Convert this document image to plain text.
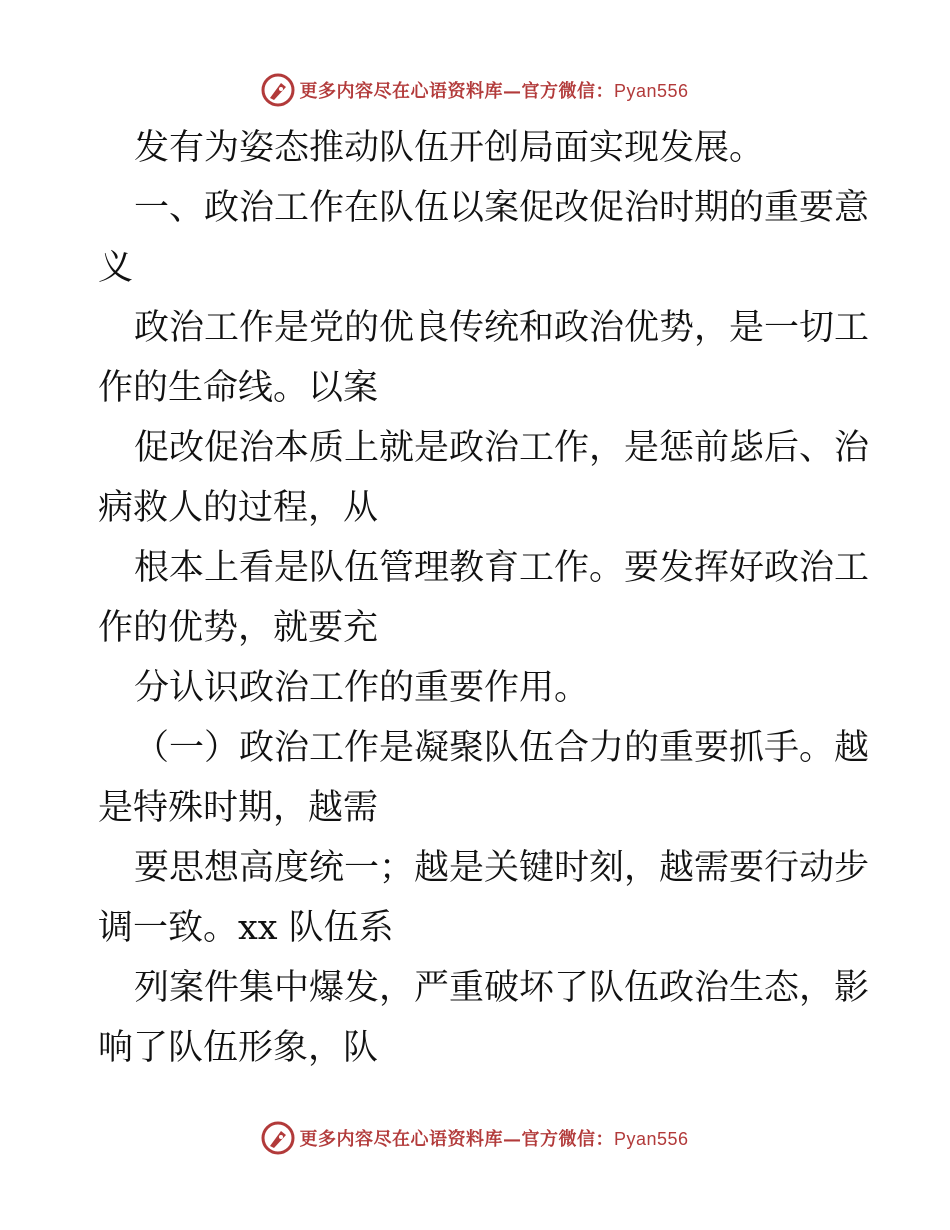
更多内容尽在心语资料库—官方微信：Pyan556
发有为姿态推动队伍开创局面实现发展。
一、政治工作在队伍以案促改促治时期的重要意
义
政治工作是党的优良传统和政治优势，是一切工
作的生命线。以案
促改促治本质上就是政治工作，是惩前毖后、治
病救人的过程，从
根本上看是队伍管理教育工作。要发挥好政治工
作的优势，就要充
分认识政治工作的重要作用。
（一）政治工作是凝聚队伍合力的重要抓手。越
是特殊时期，越需
要思想高度统一；越是关键时刻，越需要行动步
调一致。xx 队伍系
列案件集中爆发，严重破坏了队伍政治生态，影
响了队伍形象，队
更多内容尽在心语资料库—官方微信：Pyan556
